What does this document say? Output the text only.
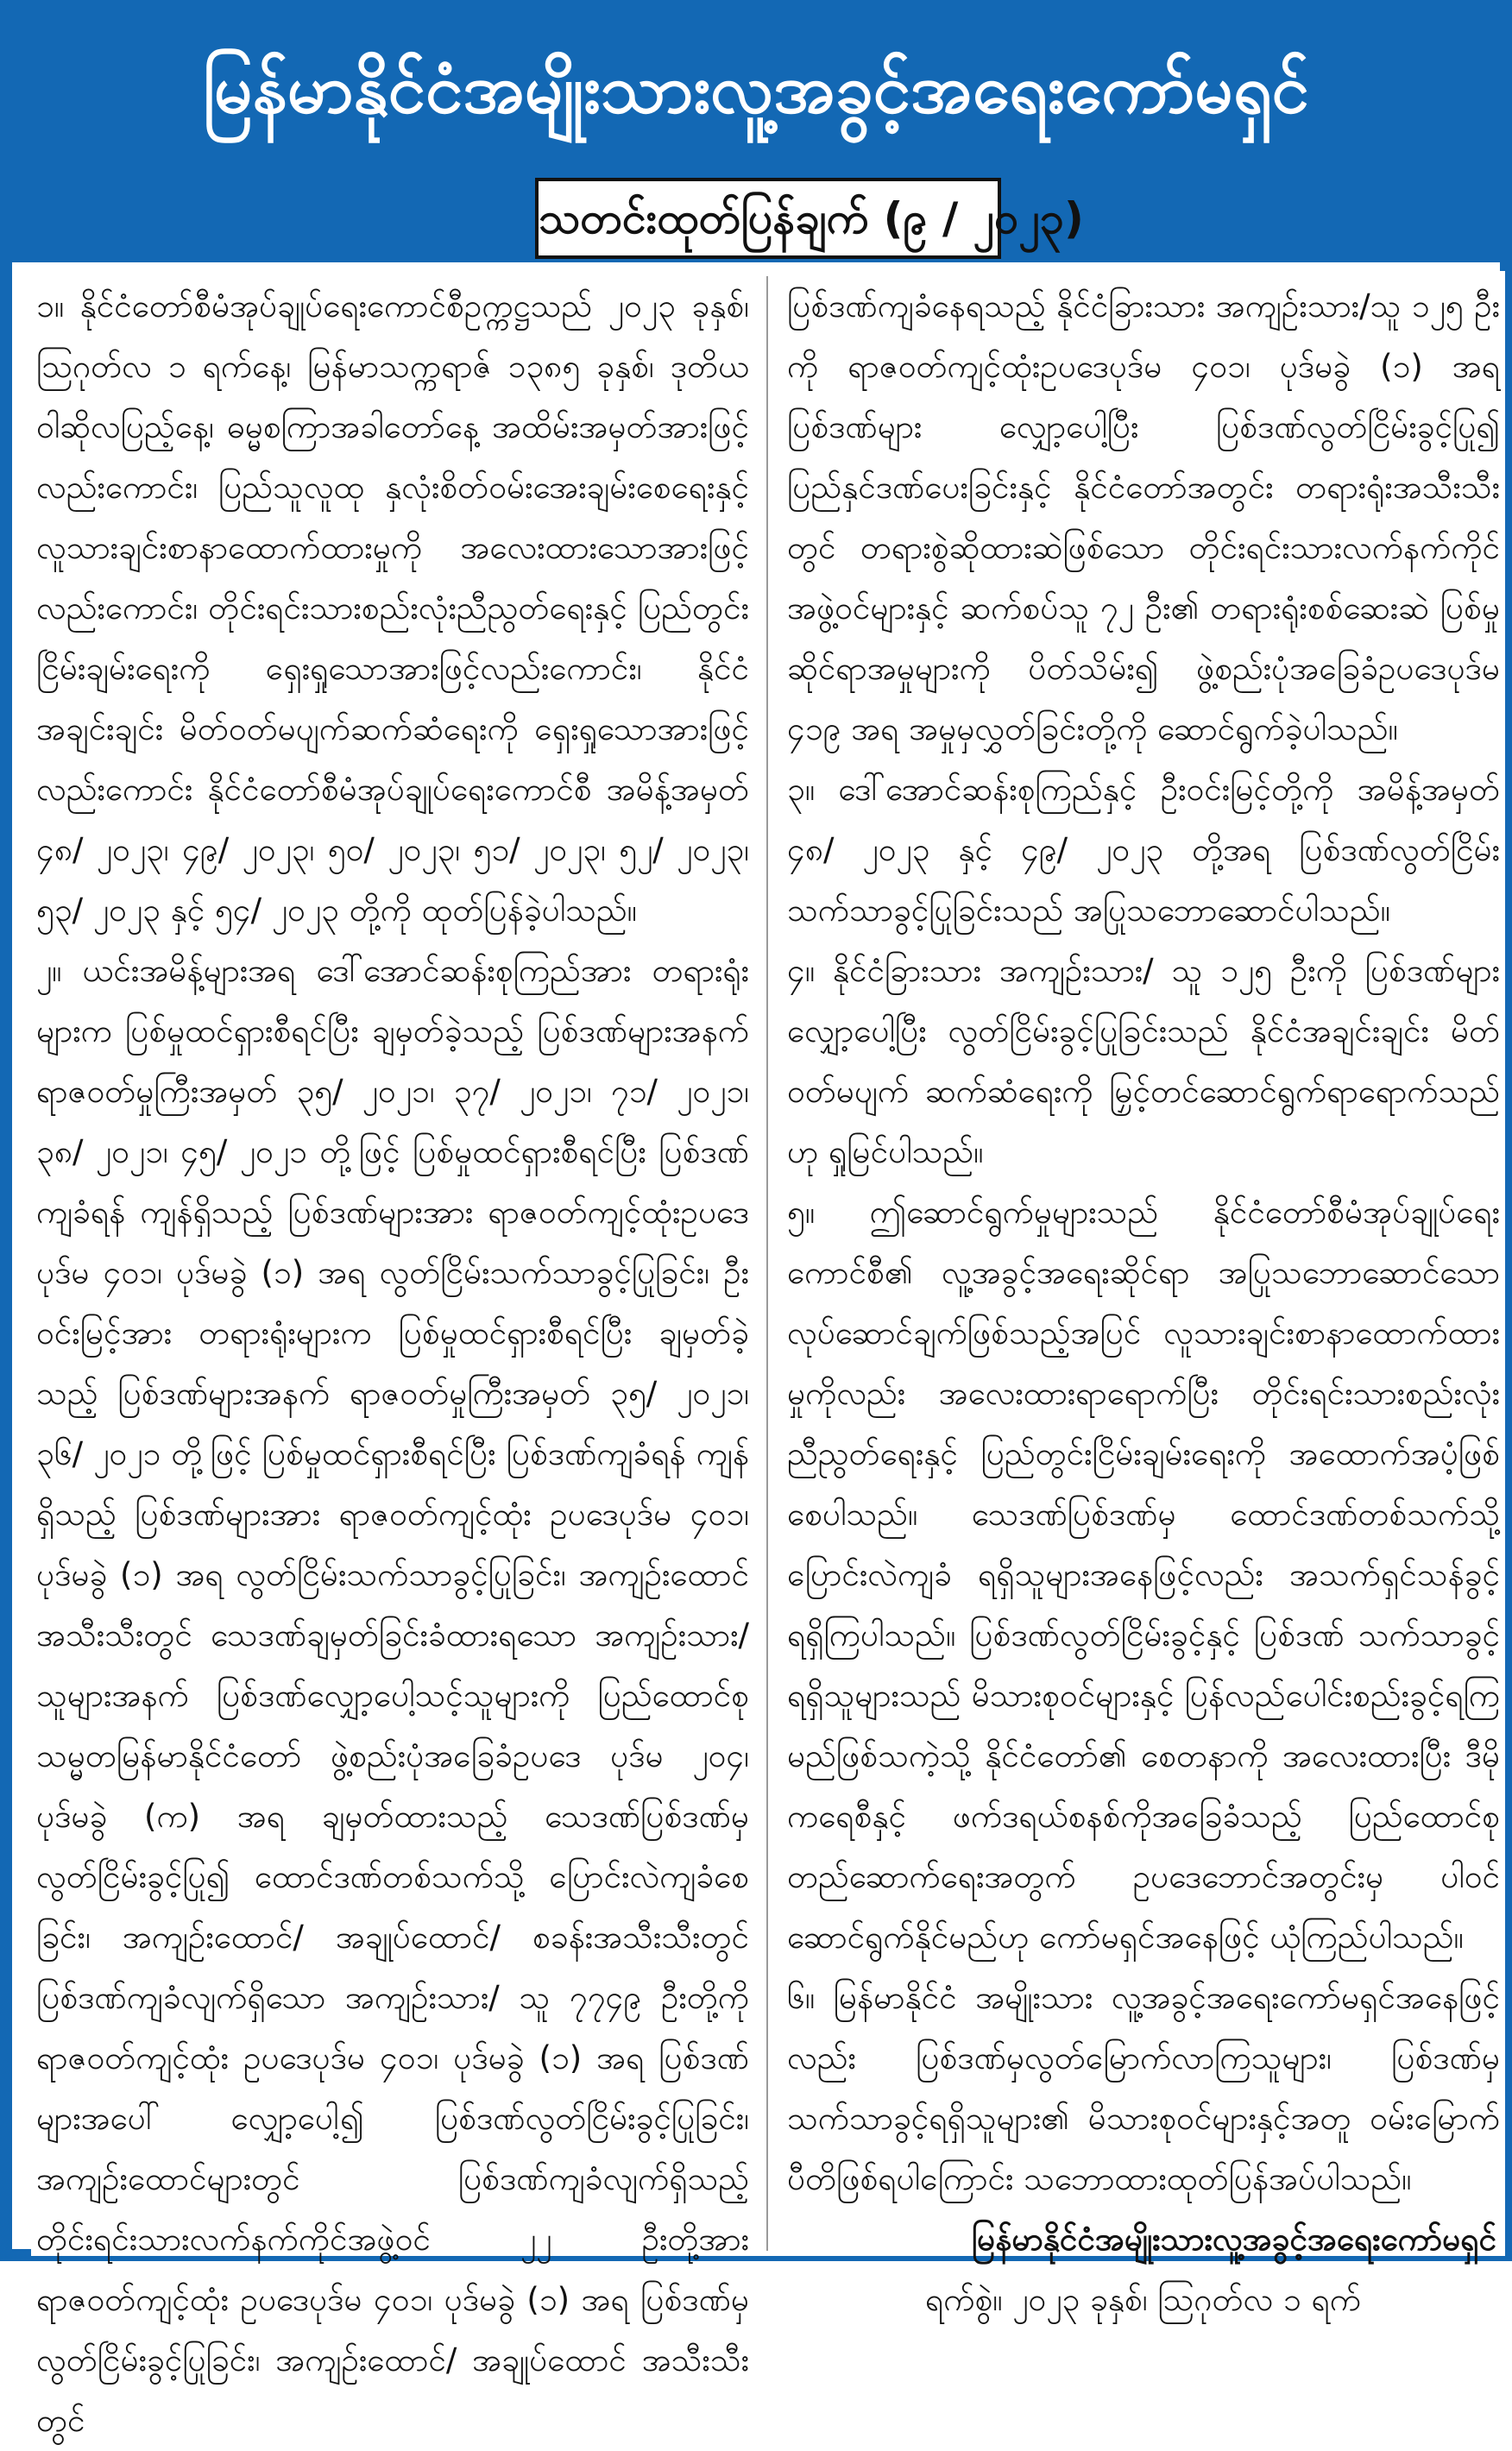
မြန်မာနိုင်ငံအမျိုးသားလူ့အခွင့်အရေးကော်မရှင်
သတင်းထုတ်ပြန်ချက် (၉ / ၂၀၂၃)

၁။ နိုင်ငံတော်စီမံအုပ်ချုပ်ရေးကောင်စီဥက္ကဋ္ဌသည် ၂၀၂၃ ခုနှစ်၊ ဩဂုတ်လ ၁ ရက်နေ့၊ မြန်မာသက္ကရာဇ် ၁၃၈၅ ခုနှစ်၊ ဒုတိယဝါဆိုလပြည့်နေ့၊ ဓမ္မစကြာအခါတော်နေ့ အထိမ်းအမှတ်အားဖြင့်လည်းကောင်း၊ ပြည်သူလူထု နှလုံးစိတ်ဝမ်းအေးချမ်းစေရေးနှင့် လူသားချင်းစာနာထောက်ထားမှုကို အလေးထားသောအားဖြင့်လည်းကောင်း၊ တိုင်းရင်းသားစည်းလုံးညီညွတ်ရေးနှင့် ပြည်တွင်းငြိမ်းချမ်းရေးကို ရှေးရှုသောအားဖြင့်လည်းကောင်း၊ နိုင်ငံအချင်းချင်း မိတ်ဝတ်မပျက်ဆက်ဆံရေးကို ရှေးရှုသောအားဖြင့်လည်းကောင်း နိုင်ငံတော်စီမံအုပ်ချုပ်ရေးကောင်စီ အမိန့်အမှတ် ၄၈/ ၂၀၂၃၊ ၄၉/ ၂၀၂၃၊ ၅၀/ ၂၀၂၃၊ ၅၁/ ၂၀၂၃၊ ၅၂/ ၂၀၂၃၊ ၅၃/ ၂၀၂၃ နှင့် ၅၄/ ၂၀၂၃ တို့ကို ထုတ်ပြန်ခဲ့ပါသည်။

၂။ ယင်းအမိန့်များအရ ဒေါ်အောင်ဆန်းစုကြည်အား တရားရုံးများက ပြစ်မှုထင်ရှားစီရင်ပြီး ချမှတ်ခဲ့သည့် ပြစ်ဒဏ်များအနက် ရာဇဝတ်မှုကြီးအမှတ် ၃၅/ ၂၀၂၁၊ ၃၇/ ၂၀၂၁၊ ၇၁/ ၂၀၂၁၊ ၃၈/ ၂၀၂၁၊ ၄၅/ ၂၀၂၁ တို့ဖြင့် ပြစ်မှုထင်ရှားစီရင်ပြီး ပြစ်ဒဏ်ကျခံရန် ကျန်ရှိသည့် ပြစ်ဒဏ်များအား ရာဇဝတ်ကျင့်ထုံးဥပဒေပုဒ်မ ၄၀၁၊ ပုဒ်မခွဲ (၁) အရ လွတ်ငြိမ်းသက်သာခွင့်ပြုခြင်း၊ ဦးဝင်းမြင့်အား တရားရုံးများက ပြစ်မှုထင်ရှားစီရင်ပြီး ချမှတ်ခဲ့သည့် ပြစ်ဒဏ်များအနက် ရာဇဝတ်မှုကြီးအမှတ် ၃၅/ ၂၀၂၁၊ ၃၆/ ၂၀၂၁ တို့ဖြင့် ပြစ်မှုထင်ရှားစီရင်ပြီး ပြစ်ဒဏ်ကျခံရန် ကျန်ရှိသည့် ပြစ်ဒဏ်များအား ရာဇဝတ်ကျင့်ထုံး ဥပဒေပုဒ်မ ၄၀၁၊ ပုဒ်မခွဲ (၁) အရ လွတ်ငြိမ်းသက်သာခွင့်ပြုခြင်း၊ အကျဉ်းထောင်အသီးသီးတွင် သေဒဏ်ချမှတ်ခြင်းခံထားရသော အကျဉ်းသား/သူများအနက် ပြစ်ဒဏ်လျှော့ပေါ့သင့်သူများကို ပြည်ထောင်စုသမ္မတမြန်မာနိုင်ငံတော် ဖွဲ့စည်းပုံအခြေခံဥပဒေ ပုဒ်မ ၂၀၄၊ ပုဒ်မခွဲ (က) အရ ချမှတ်ထားသည့် သေဒဏ်ပြစ်ဒဏ်မှ လွတ်ငြိမ်းခွင့်ပြု၍ ထောင်ဒဏ်တစ်သက်သို့ ပြောင်းလဲကျခံစေခြင်း၊ အကျဉ်းထောင်/ အချုပ်ထောင်/ စခန်းအသီးသီးတွင် ပြစ်ဒဏ်ကျခံလျက်ရှိသော အကျဉ်းသား/ သူ ၇၇၄၉ ဦးတို့ကို ရာဇဝတ်ကျင့်ထုံး ဥပဒေပုဒ်မ ၄၀၁၊ ပုဒ်မခွဲ (၁) အရ ပြစ်ဒဏ်များအပေါ် လျှော့ပေါ့၍ ပြစ်ဒဏ်လွတ်ငြိမ်းခွင့်ပြုခြင်း၊ အကျဉ်းထောင်များတွင် ပြစ်ဒဏ်ကျခံလျက်ရှိသည့် တိုင်းရင်းသားလက်နက်ကိုင်အဖွဲ့ဝင် ၂၂ ဦးတို့အား ရာဇဝတ်ကျင့်ထုံး ဥပဒေပုဒ်မ ၄၀၁၊ ပုဒ်မခွဲ (၁) အရ ပြစ်ဒဏ်မှ လွတ်ငြိမ်းခွင့်ပြုခြင်း၊ အကျဉ်းထောင်/ အချုပ်ထောင် အသီးသီးတွင်

ပြစ်ဒဏ်ကျခံနေရသည့် နိုင်ငံခြားသား အကျဉ်းသား/သူ ၁၂၅ ဦးကို ရာဇဝတ်ကျင့်ထုံးဥပဒေပုဒ်မ ၄၀၁၊ ပုဒ်မခွဲ (၁) အရ ပြစ်ဒဏ်များ လျှော့ပေါ့ပြီး ပြစ်ဒဏ်လွတ်ငြိမ်းခွင့်ပြု၍ ပြည်နှင်ဒဏ်ပေးခြင်းနှင့် နိုင်ငံတော်အတွင်း တရားရုံးအသီးသီးတွင် တရားစွဲဆိုထားဆဲဖြစ်သော တိုင်းရင်းသားလက်နက်ကိုင်အဖွဲ့ဝင်များနှင့် ဆက်စပ်သူ ၇၂ ဦး၏ တရားရုံးစစ်ဆေးဆဲ ပြစ်မှုဆိုင်ရာအမှုများကို ပိတ်သိမ်း၍ ဖွဲ့စည်းပုံအခြေခံဥပဒေပုဒ်မ ၄၁၉ အရ အမှုမှလွှတ်ခြင်းတို့ကို ဆောင်ရွက်ခဲ့ပါသည်။

၃။ ဒေါ်အောင်ဆန်းစုကြည်နှင့် ဦးဝင်းမြင့်တို့ကို အမိန့်အမှတ် ၄၈/ ၂၀၂၃ နှင့် ၄၉/ ၂၀၂၃ တို့အရ ပြစ်ဒဏ်လွတ်ငြိမ်းသက်သာခွင့်ပြုခြင်းသည် အပြုသဘောဆောင်ပါသည်။

၄။ နိုင်ငံခြားသား အကျဉ်းသား/ သူ ၁၂၅ ဦးကို ပြစ်ဒဏ်များ လျှော့ပေါ့ပြီး လွတ်ငြိမ်းခွင့်ပြုခြင်းသည် နိုင်ငံအချင်းချင်း မိတ်ဝတ်မပျက် ဆက်ဆံရေးကို မြှင့်တင်ဆောင်ရွက်ရာရောက်သည်ဟု ရှုမြင်ပါသည်။

၅။ ဤဆောင်ရွက်မှုများသည် နိုင်ငံတော်စီမံအုပ်ချုပ်ရေးကောင်စီ၏ လူ့အခွင့်အရေးဆိုင်ရာ အပြုသဘောဆောင်သော လုပ်ဆောင်ချက်ဖြစ်သည့်အပြင် လူသားချင်းစာနာထောက်ထားမှုကိုလည်း အလေးထားရာရောက်ပြီး တိုင်းရင်းသားစည်းလုံးညီညွတ်ရေးနှင့် ပြည်တွင်းငြိမ်းချမ်းရေးကို အထောက်အပံ့ဖြစ်စေပါသည်။ သေဒဏ်ပြစ်ဒဏ်မှ ထောင်ဒဏ်တစ်သက်သို့ ပြောင်းလဲကျခံ ရရှိသူများအနေဖြင့်လည်း အသက်ရှင်သန်ခွင့်ရရှိကြပါသည်။ ပြစ်ဒဏ်လွတ်ငြိမ်းခွင့်နှင့် ပြစ်ဒဏ် သက်သာခွင့်ရရှိသူများသည် မိသားစုဝင်များနှင့် ပြန်လည်ပေါင်းစည်းခွင့်ရကြမည်ဖြစ်သကဲ့သို့ နိုင်ငံတော်၏ စေတနာကို အလေးထားပြီး ဒီမိုကရေစီနှင့် ဖက်ဒရယ်စနစ်ကိုအခြေခံသည့် ပြည်ထောင်စုတည်ဆောက်ရေးအတွက် ဥပဒေဘောင်အတွင်းမှ ပါဝင်ဆောင်ရွက်နိုင်မည်ဟု ကော်မရှင်အနေဖြင့် ယုံကြည်ပါသည်။

၆။ မြန်မာနိုင်ငံ အမျိုးသား လူ့အခွင့်အရေးကော်မရှင်အနေဖြင့်လည်း ပြစ်ဒဏ်မှလွတ်မြောက်လာကြသူများ၊ ပြစ်ဒဏ်မှ သက်သာခွင့်ရရှိသူများ၏ မိသားစုဝင်များနှင့်အတူ ဝမ်းမြောက်ပီတိဖြစ်ရပါကြောင်း သဘောထားထုတ်ပြန်အပ်ပါသည်။

မြန်မာနိုင်ငံအမျိုးသားလူ့အခွင့်အရေးကော်မရှင်

ရက်စွဲ။ ၂၀၂၃ ခုနှစ်၊ ဩဂုတ်လ ၁ ရက်
